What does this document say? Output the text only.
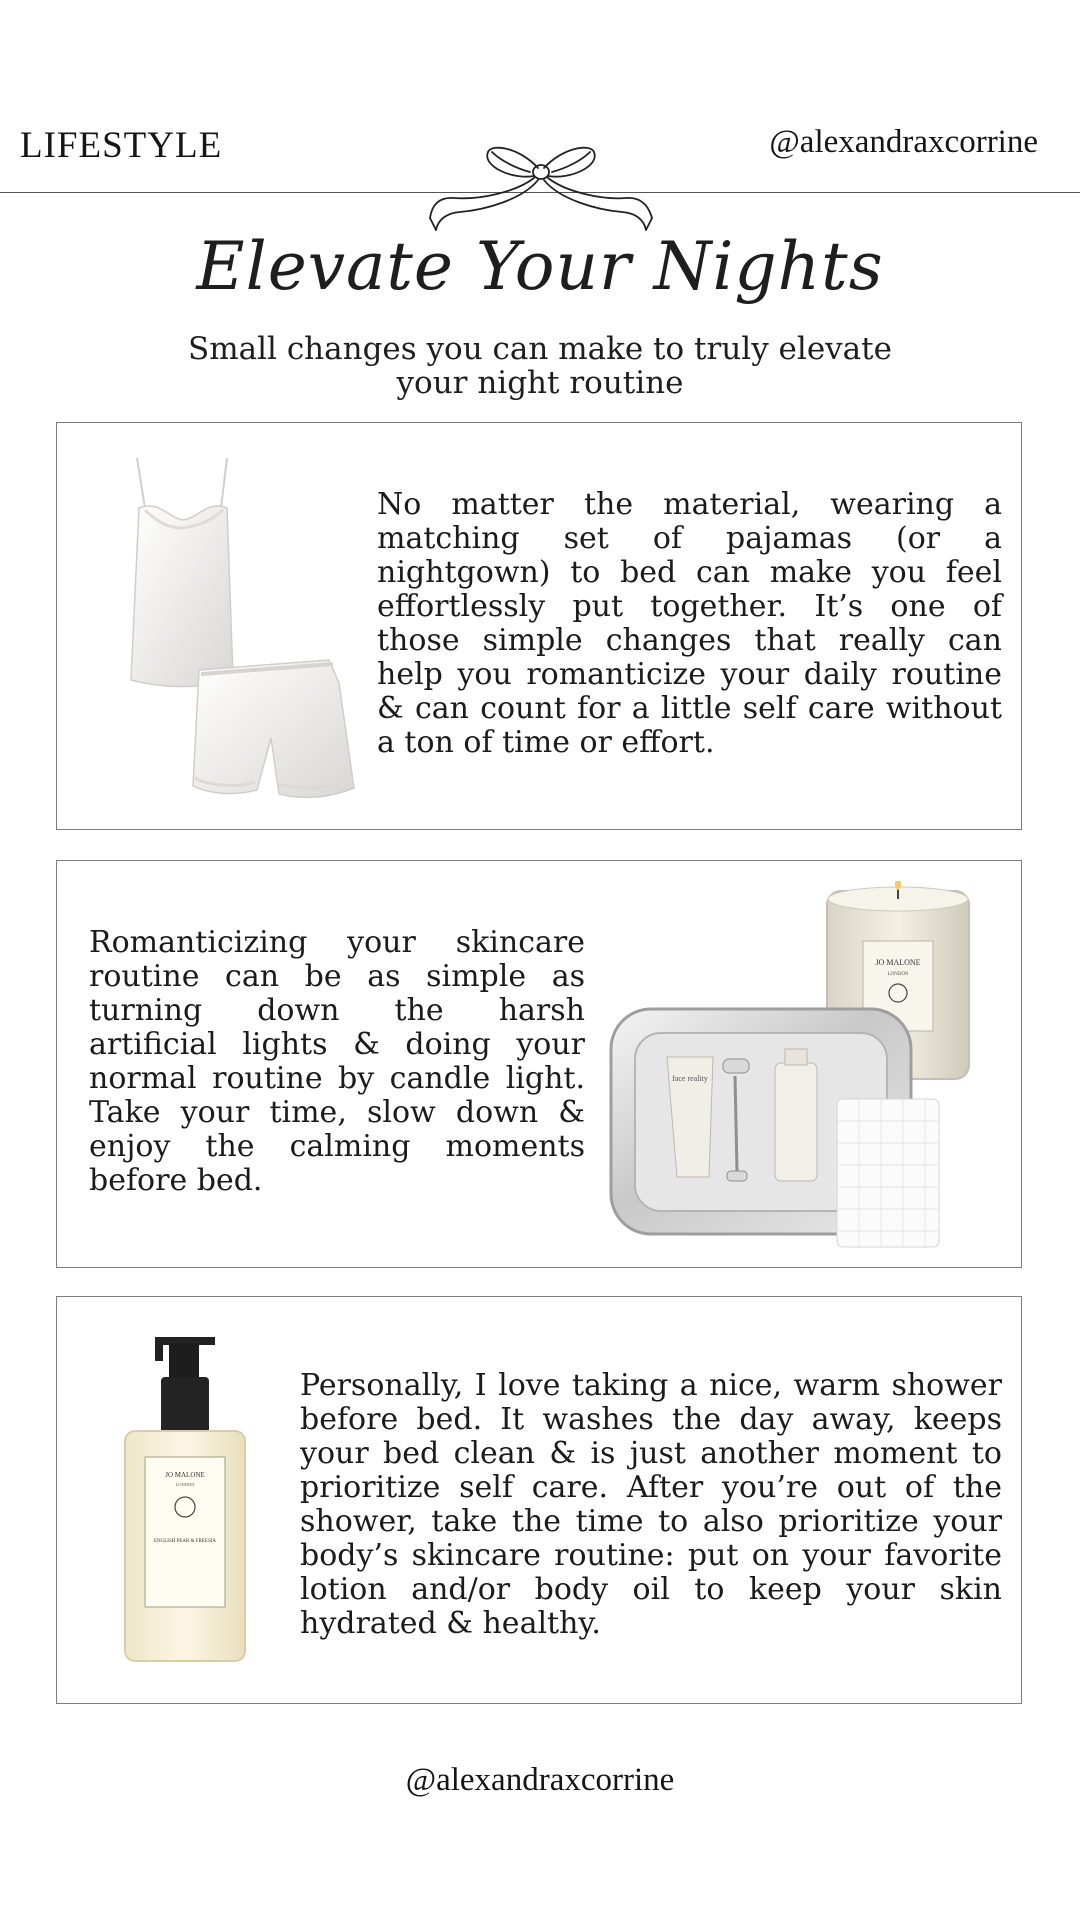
LIFESTYLE	@alexandraxcorrine
Elevate Your Nights
Small changes you can make to truly elevate your night routine
No matter the material, wearing a matching set of pajamas (or a nightgown) to bed can make you feel effortlessly put together. It’s one of those simple changes that really can help you romanticize your daily routine & can count for a little self care without a ton of time or effort.
Romanticizing your skincare routine can be as simple as turning down the harsh artificial lights & doing your normal routine by candle light. Take your time, slow down & enjoy the calming moments before bed.
JO MALONE
LONDON
face reality
JO MALONE
LONDON
ENGLISH PEAR & FREESIA
Personally, I love taking a nice, warm shower before bed. It washes the day away, keeps your bed clean & is just another moment to prioritize self care. After you’re out of the shower, take the time to also prioritize your body’s skincare routine: put on your favorite lotion and/or body oil to keep your skin hydrated & healthy.
@alexandraxcorrine
